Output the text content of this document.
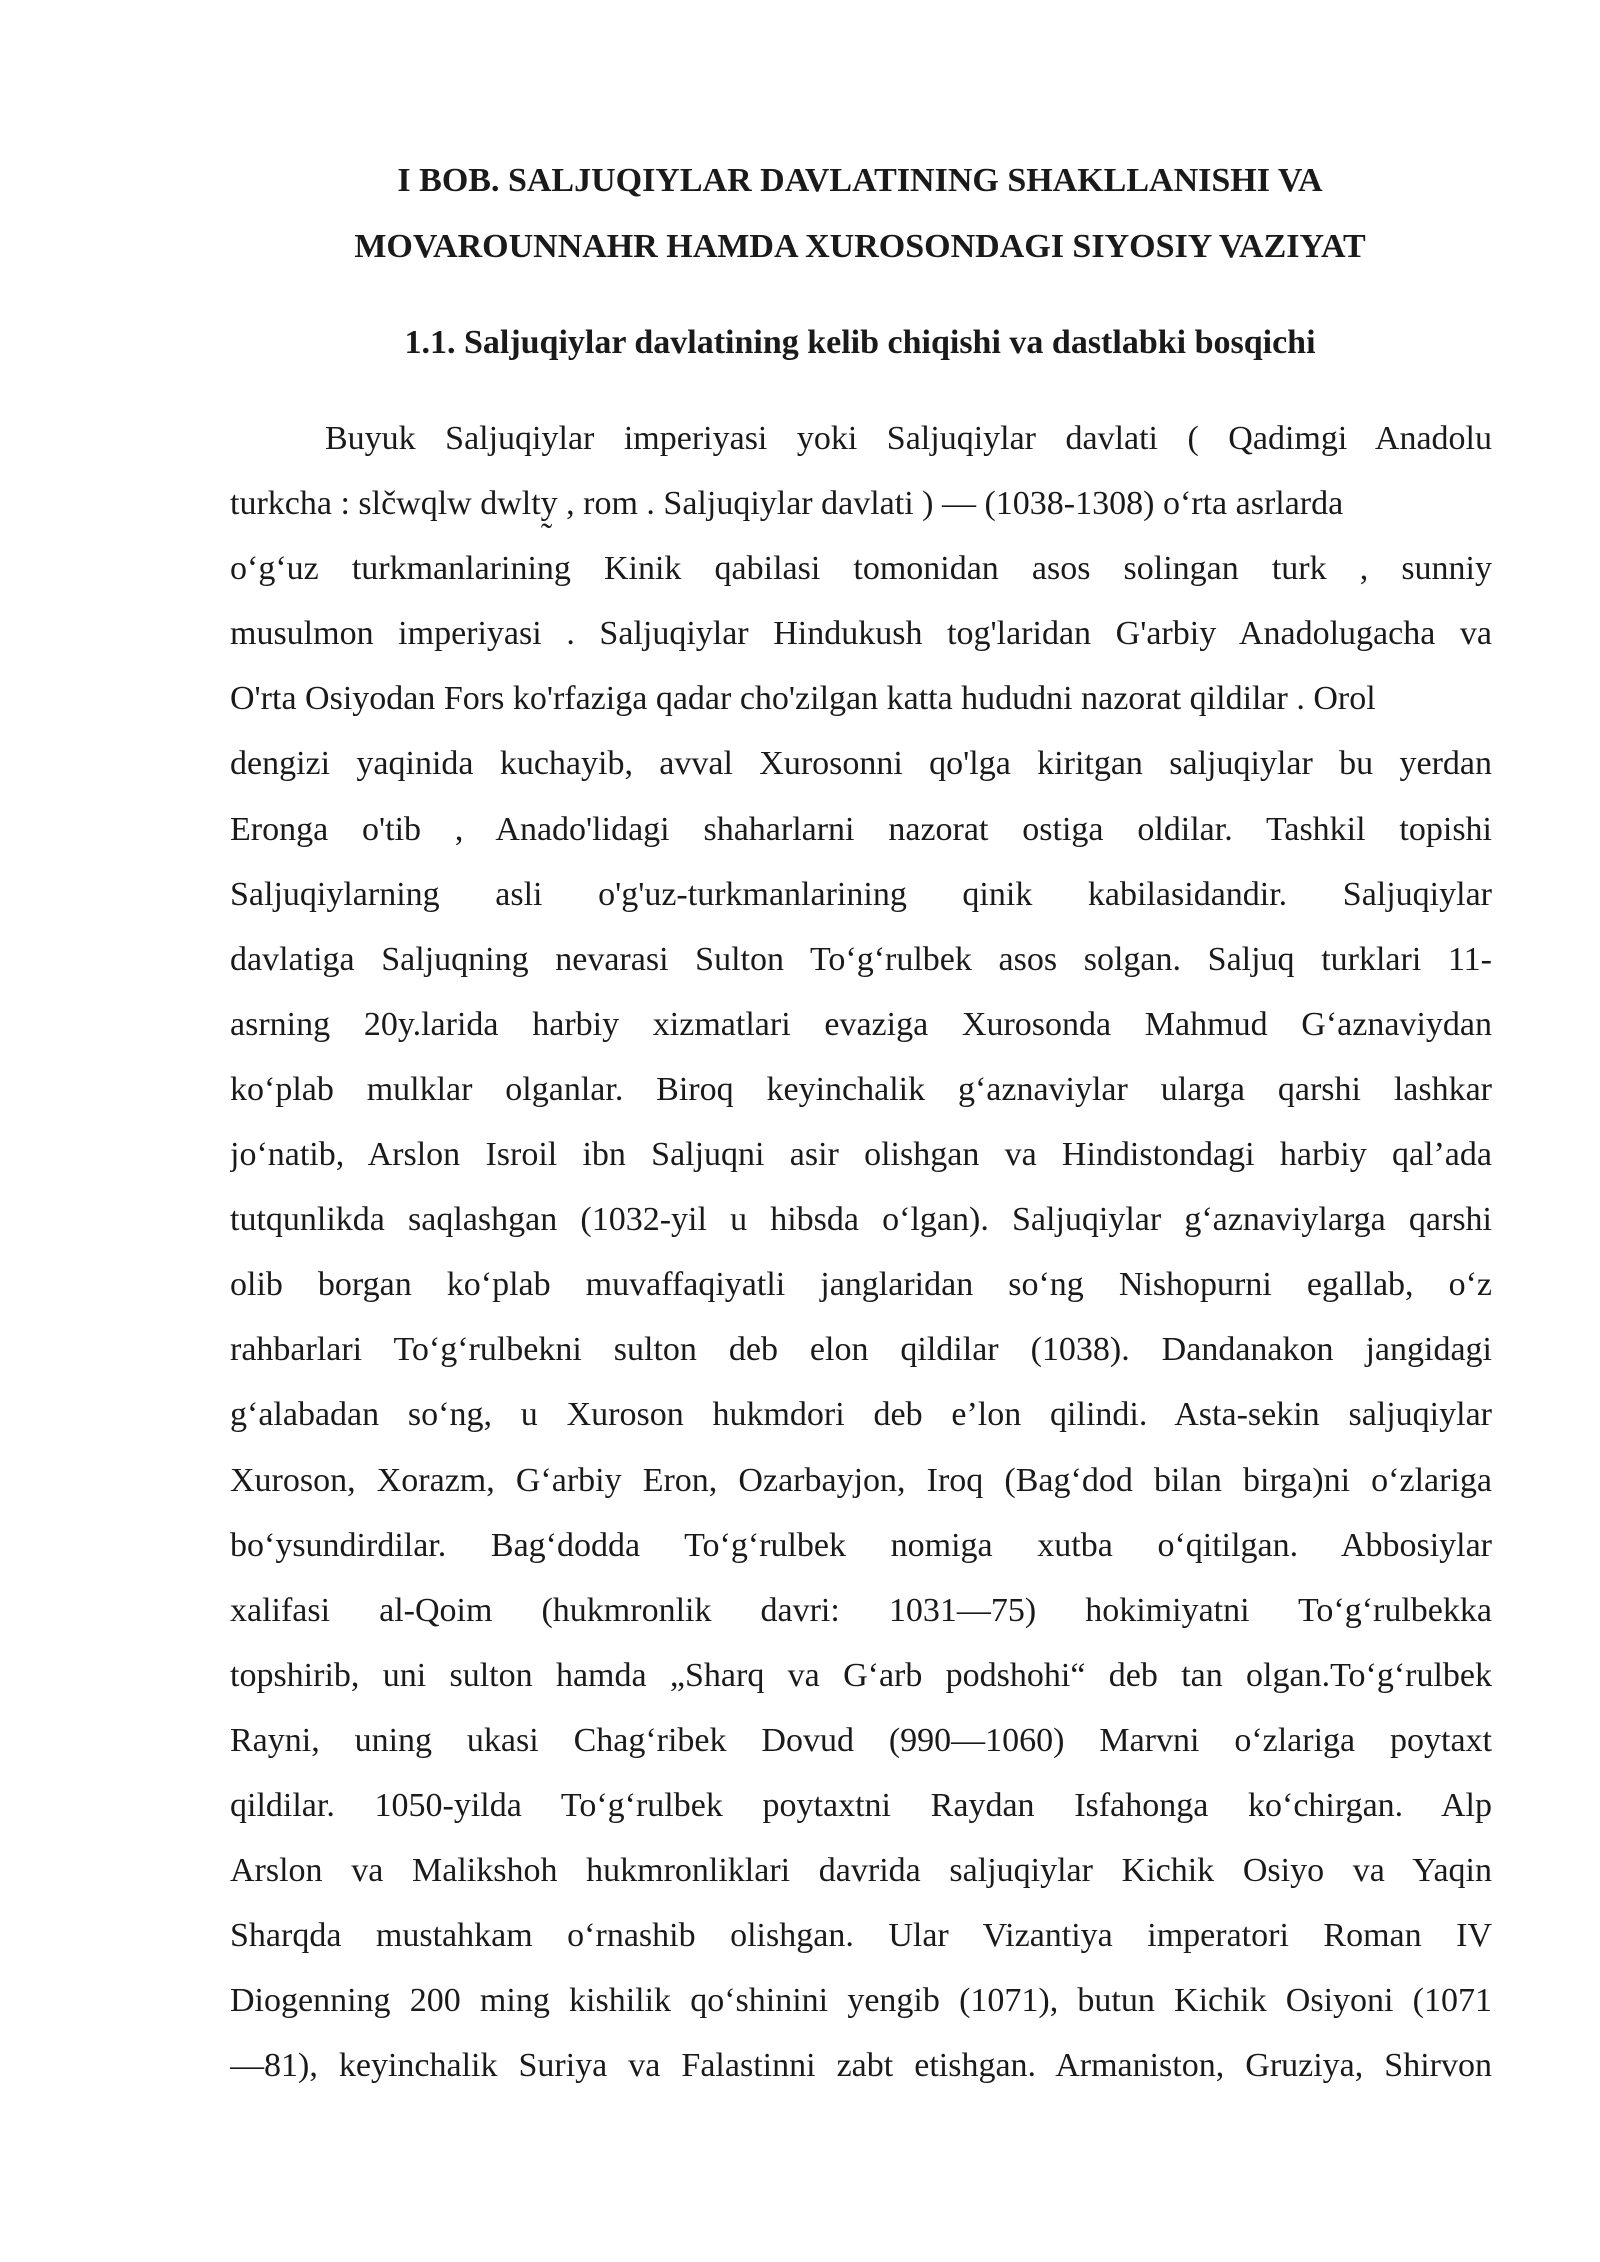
I BOB. SALJUQIYLAR DAVLATINING SHAKLLANISHI VA
MOVAROUNNAHR HAMDA XUROSONDAGI SIYOSIY VAZIYAT
1.1. Saljuqiylar davlatining kelib chiqishi va dastlabki bosqichi
Buyuk Saljuqiylar imperiyasi yoki Saljuqiylar davlati ( Qadimgi Anadolu
turkcha : slčwqlw dwlty̰ , rom . Saljuqiylar davlati ) — (1038-1308) oʻrta asrlarda
oʻgʻuz turkmanlarining Kinik qabilasi tomonidan asos solingan turk , sunniy
musulmon imperiyasi . Saljuqiylar Hindukush tog'laridan G'arbiy Anadolugacha va
O'rta Osiyodan Fors ko'rfaziga qadar cho'zilgan katta hududni nazorat qildilar . Orol
dengizi yaqinida kuchayib, avval Xurosonni qo'lga kiritgan saljuqiylar bu yerdan
Eronga o'tib , Anado'lidagi shaharlarni nazorat ostiga oldilar. Tashkil topishi
Saljuqiylarning asli o'g'uz-turkmanlarining qinik kabilasidandir. Saljuqiylar
davlatiga Saljuqning nevarasi Sulton Toʻgʻrulbek asos solgan. Saljuq turklari 11-
asrning 20y.larida harbiy xizmatlari evaziga Xurosonda Mahmud Gʻaznaviydan
koʻplab mulklar olganlar. Biroq keyinchalik gʻaznaviylar ularga qarshi lashkar
joʻnatib, Arslon Isroil ibn Saljuqni asir olishgan va Hindistondagi harbiy qal’ada
tutqunlikda saqlashgan (1032-yil u hibsda oʻlgan). Saljuqiylar gʻaznaviylarga qarshi
olib borgan koʻplab muvaffaqiyatli janglaridan soʻng Nishopurni egallab, oʻz
rahbarlari Toʻgʻrulbekni sulton deb elon qildilar (1038). Dandanakon jangidagi
gʻalabadan soʻng, u Xuroson hukmdori deb e’lon qilindi. Asta-sekin saljuqiylar
Xuroson, Xorazm, Gʻarbiy Eron, Ozarbayjon, Iroq (Bagʻdod bilan birga)ni oʻzlariga
boʻysundirdilar. Bagʻdodda Toʻgʻrulbek nomiga xutba oʻqitilgan. Abbosiylar
xalifasi al-Qoim (hukmronlik davri: 1031—75) hokimiyatni Toʻgʻrulbekka
topshirib, uni sulton hamda „Sharq va Gʻarb podshohi“ deb tan olgan.Toʻgʻrulbek
Rayni, uning ukasi Chagʻribek Dovud (990—1060) Marvni oʻzlariga poytaxt
qildilar. 1050-yilda Toʻgʻrulbek poytaxtni Raydan Isfahonga koʻchirgan. Alp
Arslon va Malikshoh hukmronliklari davrida saljuqiylar Kichik Osiyo va Yaqin
Sharqda mustahkam oʻrnashib olishgan. Ular Vizantiya imperatori Roman IV
Diogenning 200 ming kishilik qoʻshinini yengib (1071), butun Kichik Osiyoni (1071
—81), keyinchalik Suriya va Falastinni zabt etishgan. Armaniston, Gruziya, Shirvon
